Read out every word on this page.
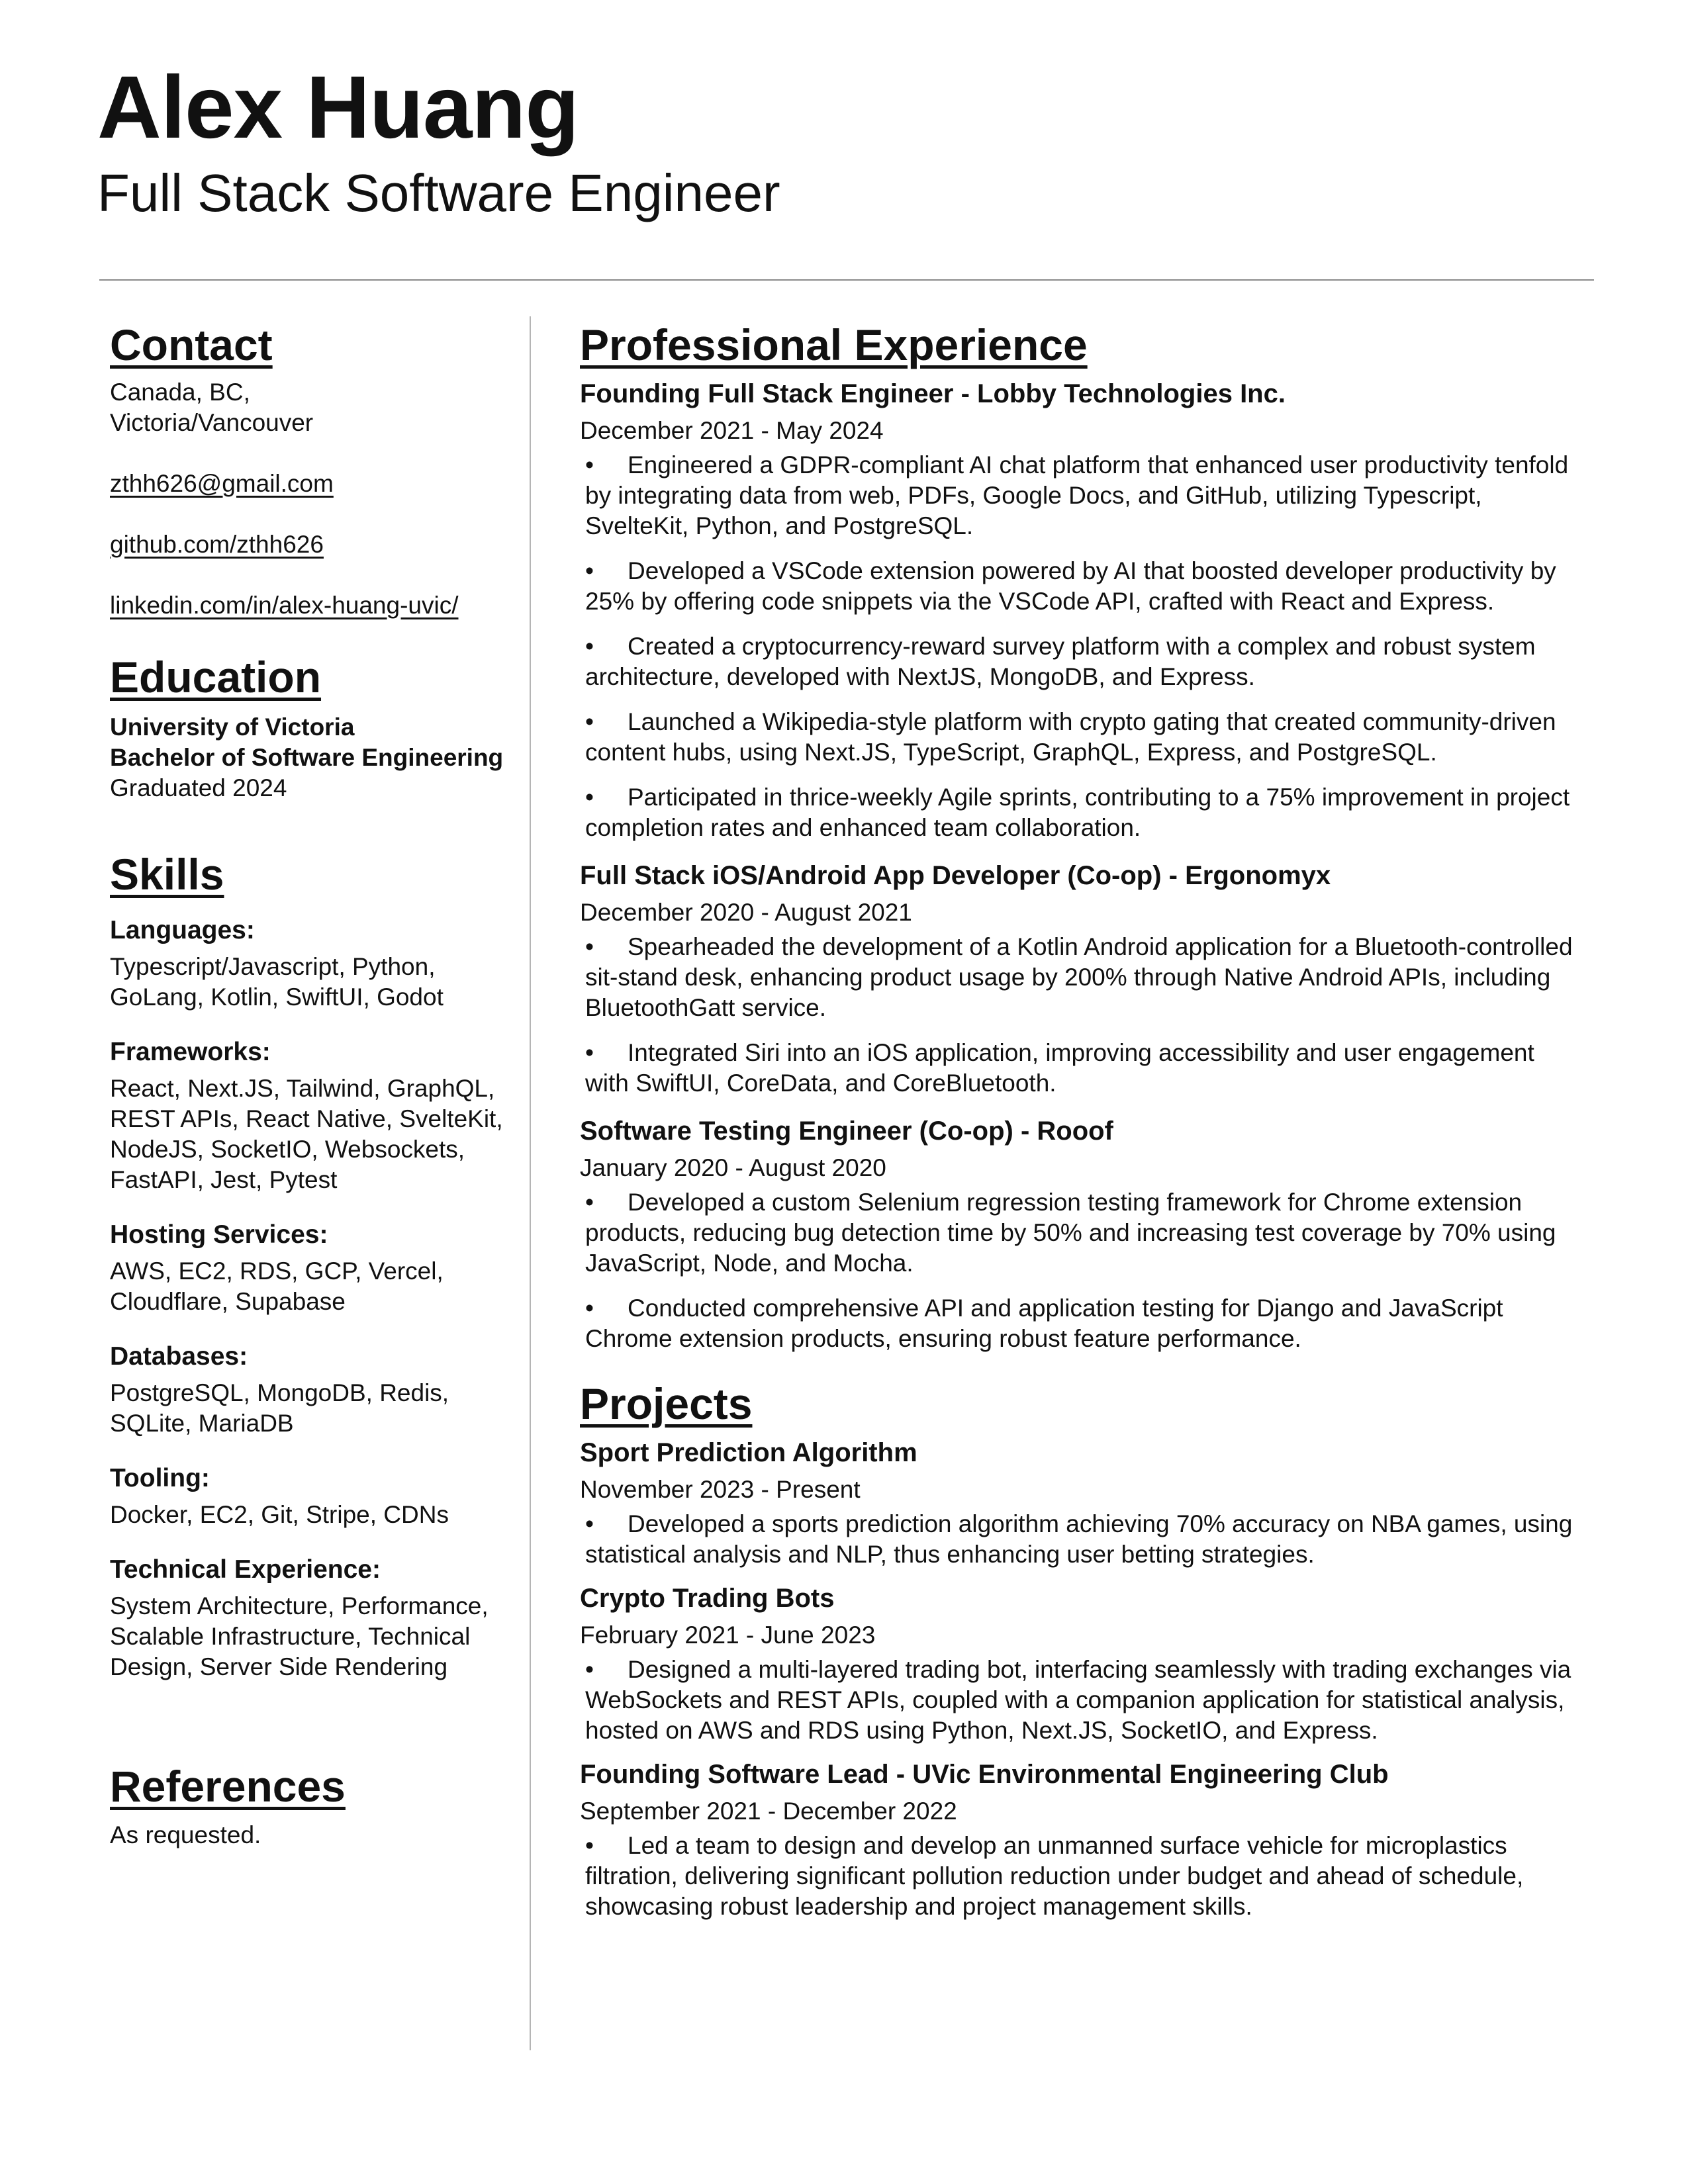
Alex Huang
Full Stack Software Engineer
Contact
Canada, BC,
Victoria/Vancouver
zthh626@gmail.com
github.com/zthh626
linkedin.com/in/alex-huang-uvic/
Education
University of Victoria
Bachelor of Software Engineering
Graduated 2024
Skills
Languages:
Typescript/Javascript, Python, GoLang, Kotlin, SwiftUI, Godot
Frameworks:
React, Next.JS, Tailwind, GraphQL, REST APIs, React Native, SvelteKit, NodeJS, SocketIO, Websockets, FastAPI, Jest, Pytest
Hosting Services:
AWS, EC2, RDS, GCP, Vercel, Cloudflare, Supabase
Databases:
PostgreSQL, MongoDB, Redis, SQLite, MariaDB
Tooling:
Docker, EC2, Git, Stripe, CDNs
Technical Experience:
System Architecture, Performance, Scalable Infrastructure, Technical Design, Server Side Rendering
References
As requested.
Professional Experience
Founding Full Stack Engineer - Lobby Technologies Inc.
December 2021 - May 2024
• Engineered a GDPR-compliant AI chat platform that enhanced user productivity tenfold by integrating data from web, PDFs, Google Docs, and GitHub, utilizing Typescript, SvelteKit, Python, and PostgreSQL.
• Developed a VSCode extension powered by AI that boosted developer productivity by 25% by offering code snippets via the VSCode API, crafted with React and Express.
• Created a cryptocurrency-reward survey platform with a complex and robust system architecture, developed with NextJS, MongoDB, and Express.
• Launched a Wikipedia-style platform with crypto gating that created community-driven content hubs, using Next.JS, TypeScript, GraphQL, Express, and PostgreSQL.
• Participated in thrice-weekly Agile sprints, contributing to a 75% improvement in project completion rates and enhanced team collaboration.
Full Stack iOS/Android App Developer (Co-op) - Ergonomyx
December 2020 - August 2021
• Spearheaded the development of a Kotlin Android application for a Bluetooth-controlled sit-stand desk, enhancing product usage by 200% through Native Android APIs, including BluetoothGatt service.
• Integrated Siri into an iOS application, improving accessibility and user engagement with SwiftUI, CoreData, and CoreBluetooth.
Software Testing Engineer (Co-op) - Rooof
January 2020 - August 2020
• Developed a custom Selenium regression testing framework for Chrome extension products, reducing bug detection time by 50% and increasing test coverage by 70% using JavaScript, Node, and Mocha.
• Conducted comprehensive API and application testing for Django and JavaScript Chrome extension products, ensuring robust feature performance.
Projects
Sport Prediction Algorithm
November 2023 - Present
• Developed a sports prediction algorithm achieving 70% accuracy on NBA games, using statistical analysis and NLP, thus enhancing user betting strategies.
Crypto Trading Bots
February 2021 - June 2023
• Designed a multi-layered trading bot, interfacing seamlessly with trading exchanges via WebSockets and REST APIs, coupled with a companion application for statistical analysis, hosted on AWS and RDS using Python, Next.JS, SocketIO, and Express.
Founding Software Lead - UVic Environmental Engineering Club
September 2021 - December 2022
• Led a team to design and develop an unmanned surface vehicle for microplastics filtration, delivering significant pollution reduction under budget and ahead of schedule, showcasing robust leadership and project management skills.
